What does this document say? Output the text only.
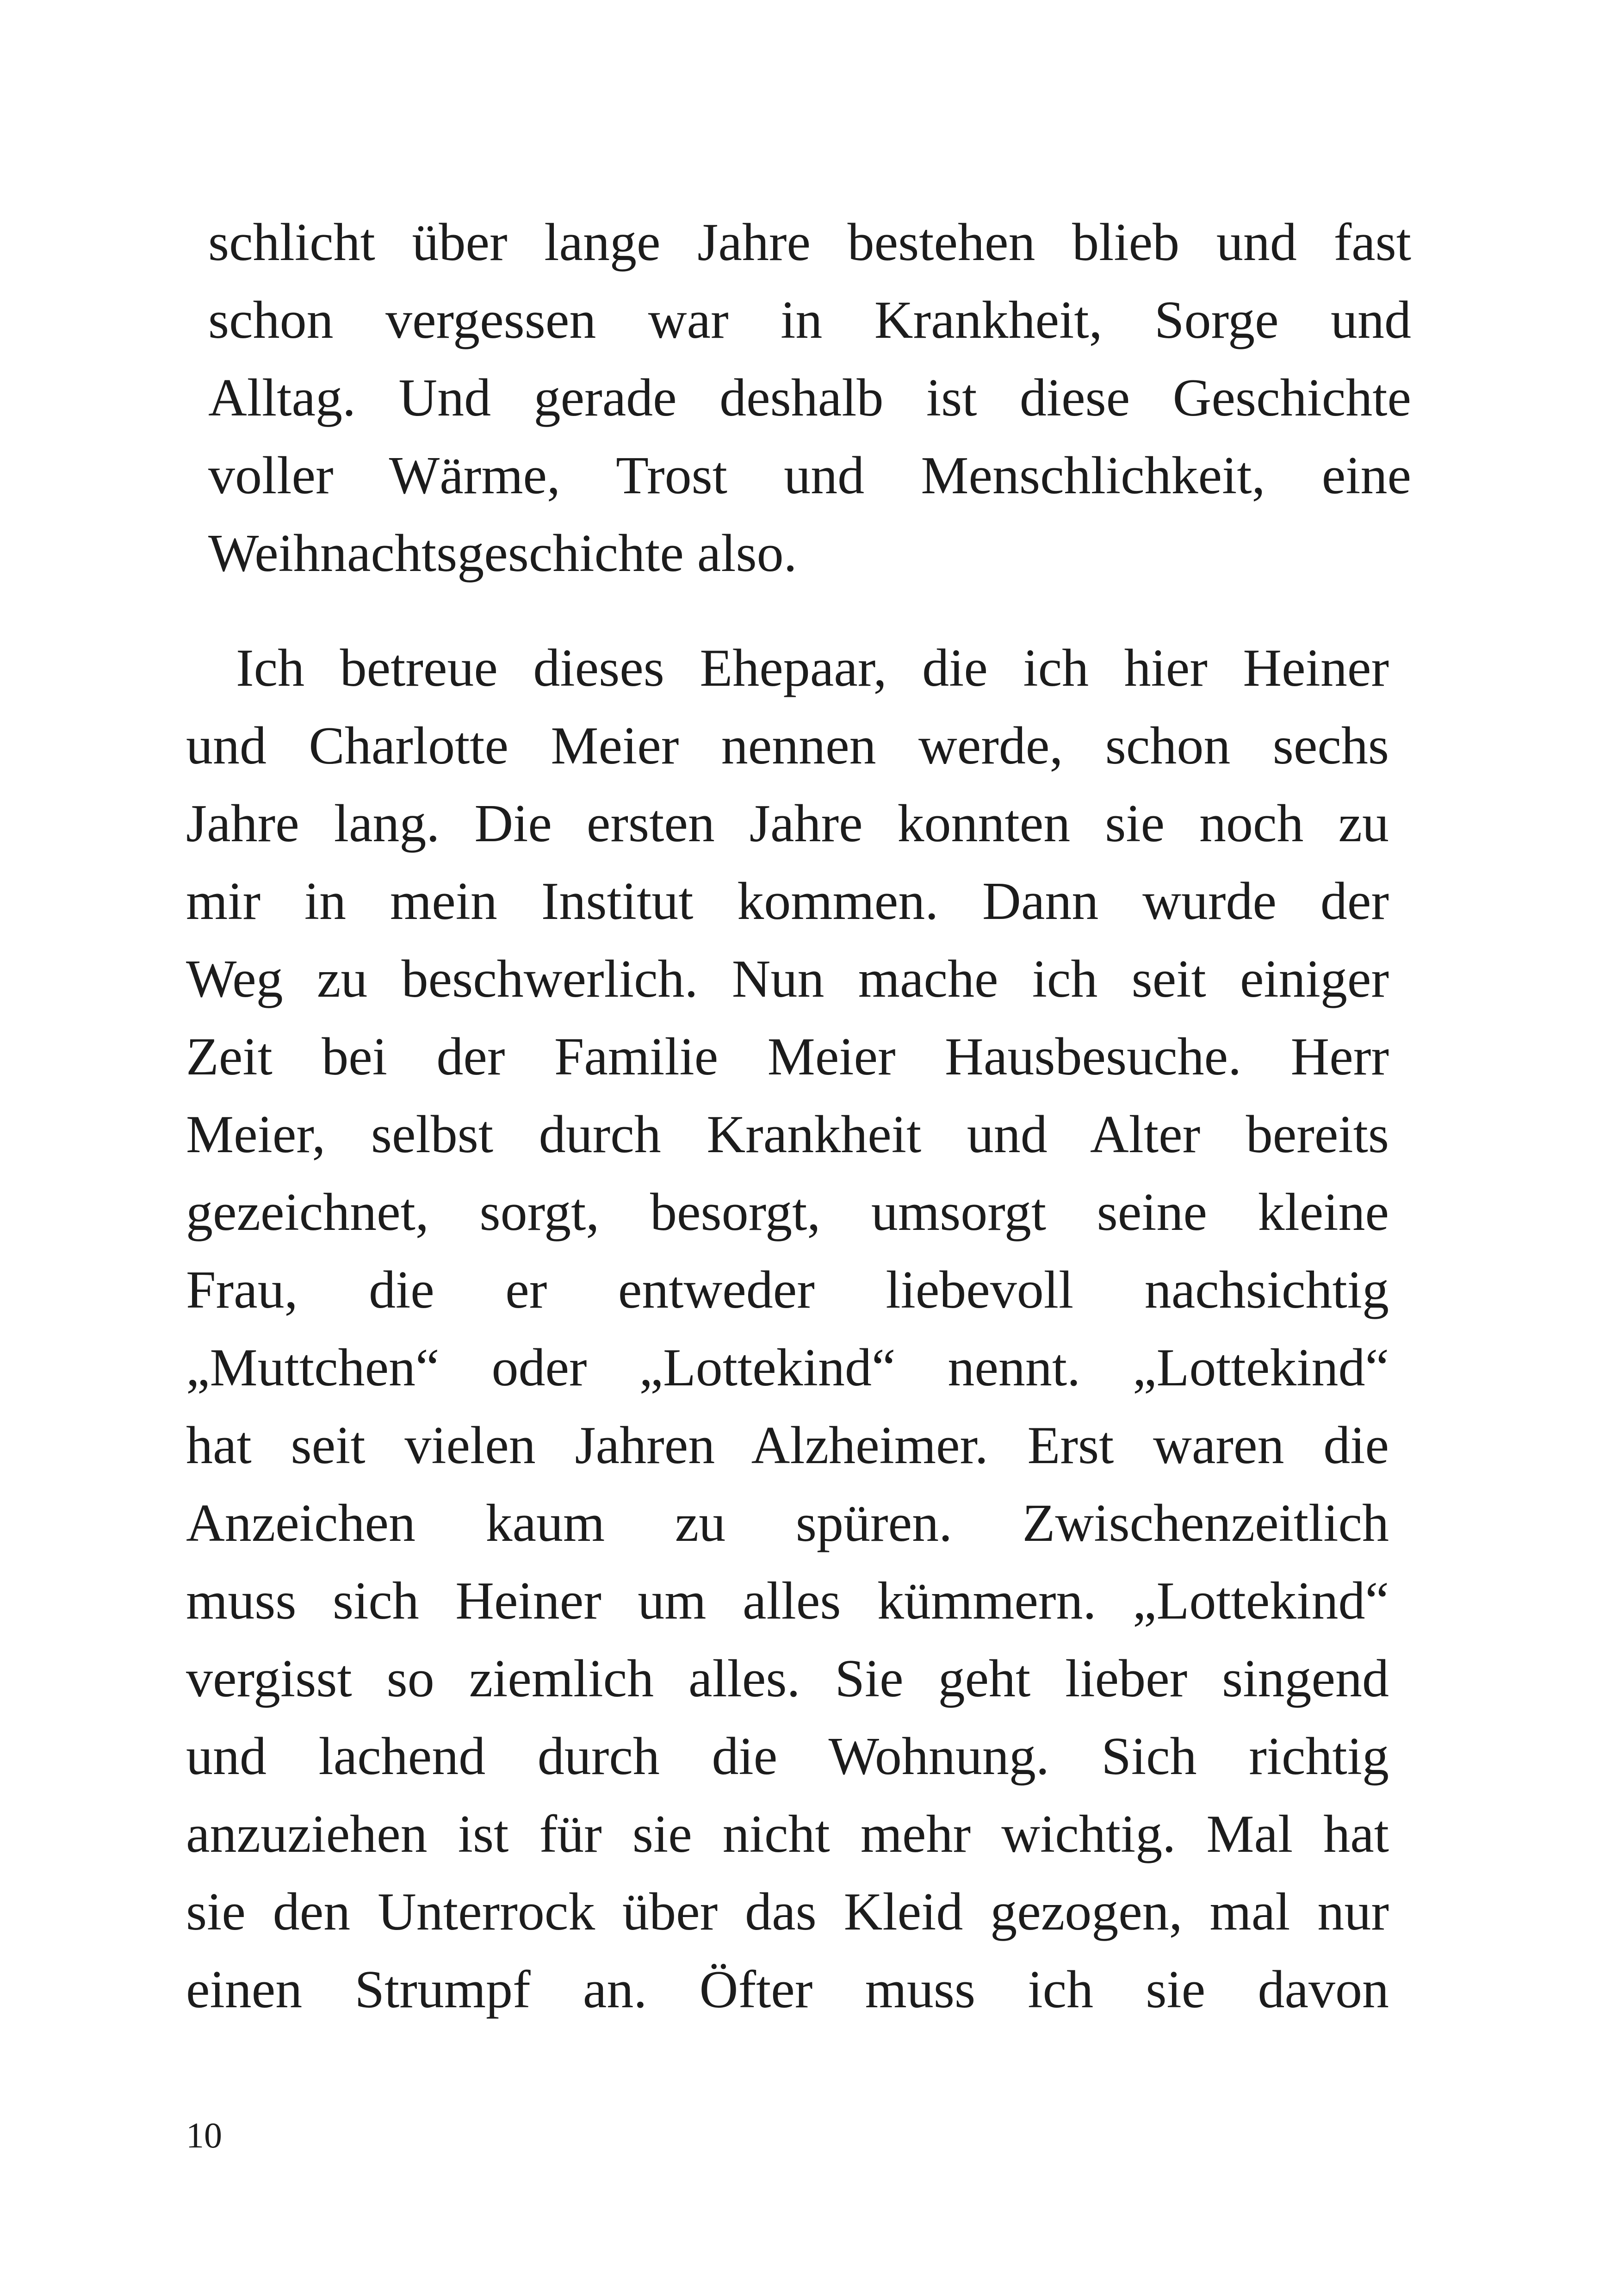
schlicht über lange Jahre bestehen blieb und fast
schon vergessen war in Krankheit, Sorge und
Alltag. Und gerade deshalb ist diese Geschichte
voller Wärme, Trost und Menschlichkeit, eine
Weihnachtsgeschichte also.
Ich betreue dieses Ehepaar, die ich hier Heiner
und Charlotte Meier nennen werde, schon sechs
Jahre lang. Die ersten Jahre konnten sie noch zu
mir in mein Institut kommen. Dann wurde der
Weg zu beschwerlich. Nun mache ich seit einiger
Zeit bei der Familie Meier Hausbesuche. Herr
Meier, selbst durch Krankheit und Alter bereits
gezeichnet, sorgt, besorgt, umsorgt seine kleine
Frau, die er entweder liebevoll nachsichtig
„Muttchen“ oder „Lottekind“ nennt. „Lottekind“
hat seit vielen Jahren Alzheimer. Erst waren die
Anzeichen kaum zu spüren. Zwischenzeitlich
muss sich Heiner um alles kümmern. „Lottekind“
vergisst so ziemlich alles. Sie geht lieber singend
und lachend durch die Wohnung. Sich richtig
anzuziehen ist für sie nicht mehr wichtig. Mal hat
sie den Unterrock über das Kleid gezogen, mal nur
einen Strumpf an. Öfter muss ich sie davon

10
